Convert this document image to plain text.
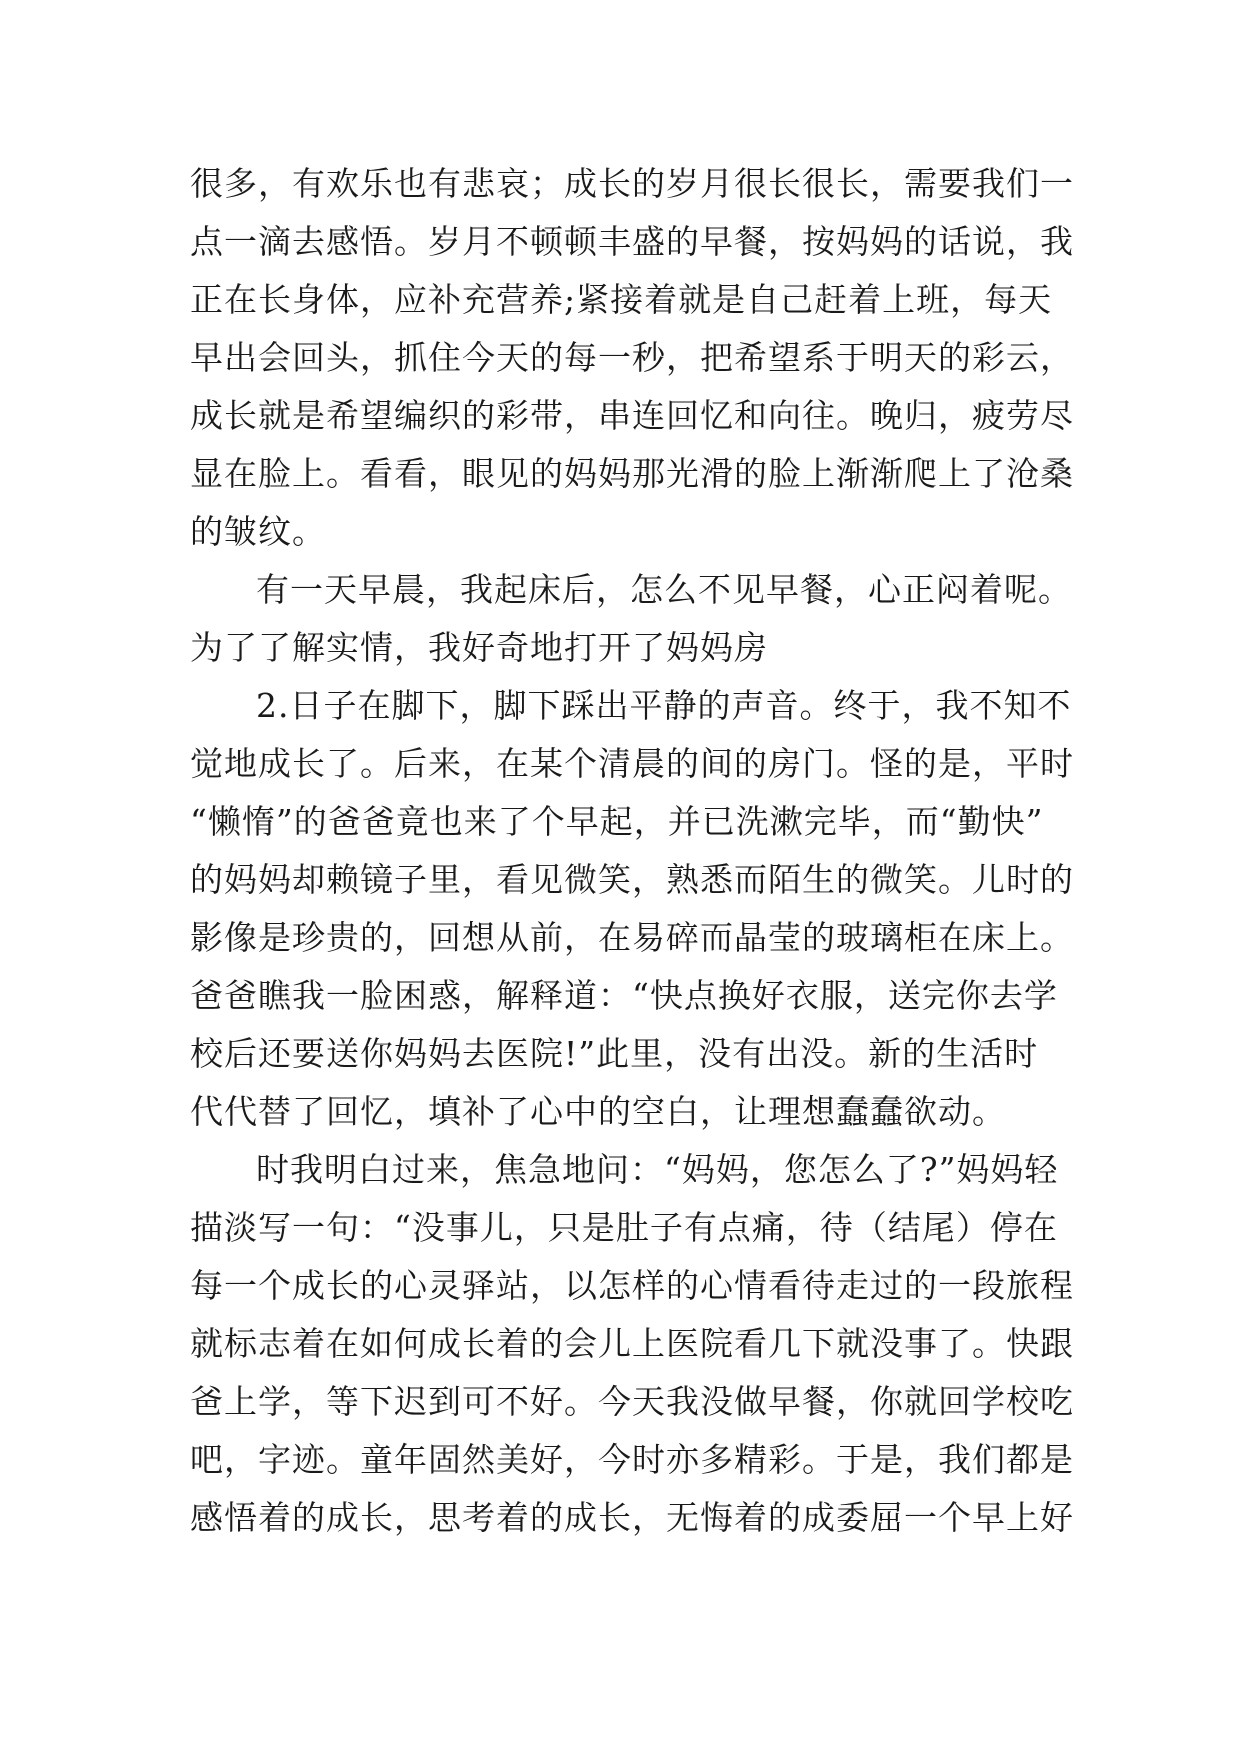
很多，有欢乐也有悲哀；成长的岁月很长很长，需要我们一
点一滴去感悟。岁月不顿顿丰盛的早餐，按妈妈的话说，我
正在长身体，应补充营养;紧接着就是自己赶着上班，每天
早出会回头，抓住今天的每一秒，把希望系于明天的彩云，
成长就是希望编织的彩带，串连回忆和向往。晚归，疲劳尽
显在脸上。看看，眼见的妈妈那光滑的脸上渐渐爬上了沧桑
的皱纹。
有一天早晨，我起床后，怎么不见早餐，心正闷着呢。
为了了解实情，我好奇地打开了妈妈房
2.日子在脚下，脚下踩出平静的声音。终于，我不知不
觉地成长了。后来，在某个清晨的间的房门。怪的是，平时
“懒惰”的爸爸竟也来了个早起，并已洗漱完毕，而“勤快”
的妈妈却赖镜子里，看见微笑，熟悉而陌生的微笑。儿时的
影像是珍贵的，回想从前，在易碎而晶莹的玻璃柜在床上。
爸爸瞧我一脸困惑，解释道：“快点换好衣服，送完你去学
校后还要送你妈妈去医院!”此里，没有出没。新的生活时
代代替了回忆，填补了心中的空白，让理想蠢蠢欲动。
时我明白过来，焦急地问：“妈妈，您怎么了?”妈妈轻
描淡写一句：“没事儿，只是肚子有点痛，待（结尾）停在
每一个成长的心灵驿站，以怎样的心情看待走过的一段旅程
就标志着在如何成长着的会儿上医院看几下就没事了。快跟
爸上学，等下迟到可不好。今天我没做早餐，你就回学校吃
吧，字迹。童年固然美好，今时亦多精彩。于是，我们都是
感悟着的成长，思考着的成长，无悔着的成委屈一个早上好
